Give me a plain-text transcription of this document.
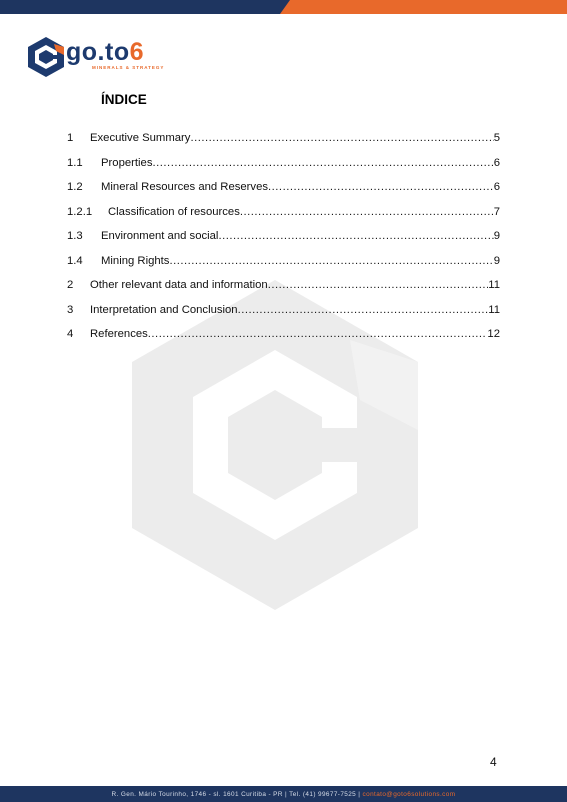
go.to6
MINERALS & STRATEGY
ÍNDICE
1	Executive Summary .....	5
1.1	Properties .....	6
1.2	Mineral Resources and Reserves .....	6
1.2.1	Classification of resources .....	7
1.3	Environment and social .....	9
1.4	Mining Rights .....	9
2	Other relevant data and information .....	11
3	Interpretation and Conclusion .....	11
4	References .....	12
4
R. Gen. Mário Tourinho, 1746 - sl. 1601 Curitiba - PR | Tel. (41) 99677-7525 | contato@goto6solutions.com
